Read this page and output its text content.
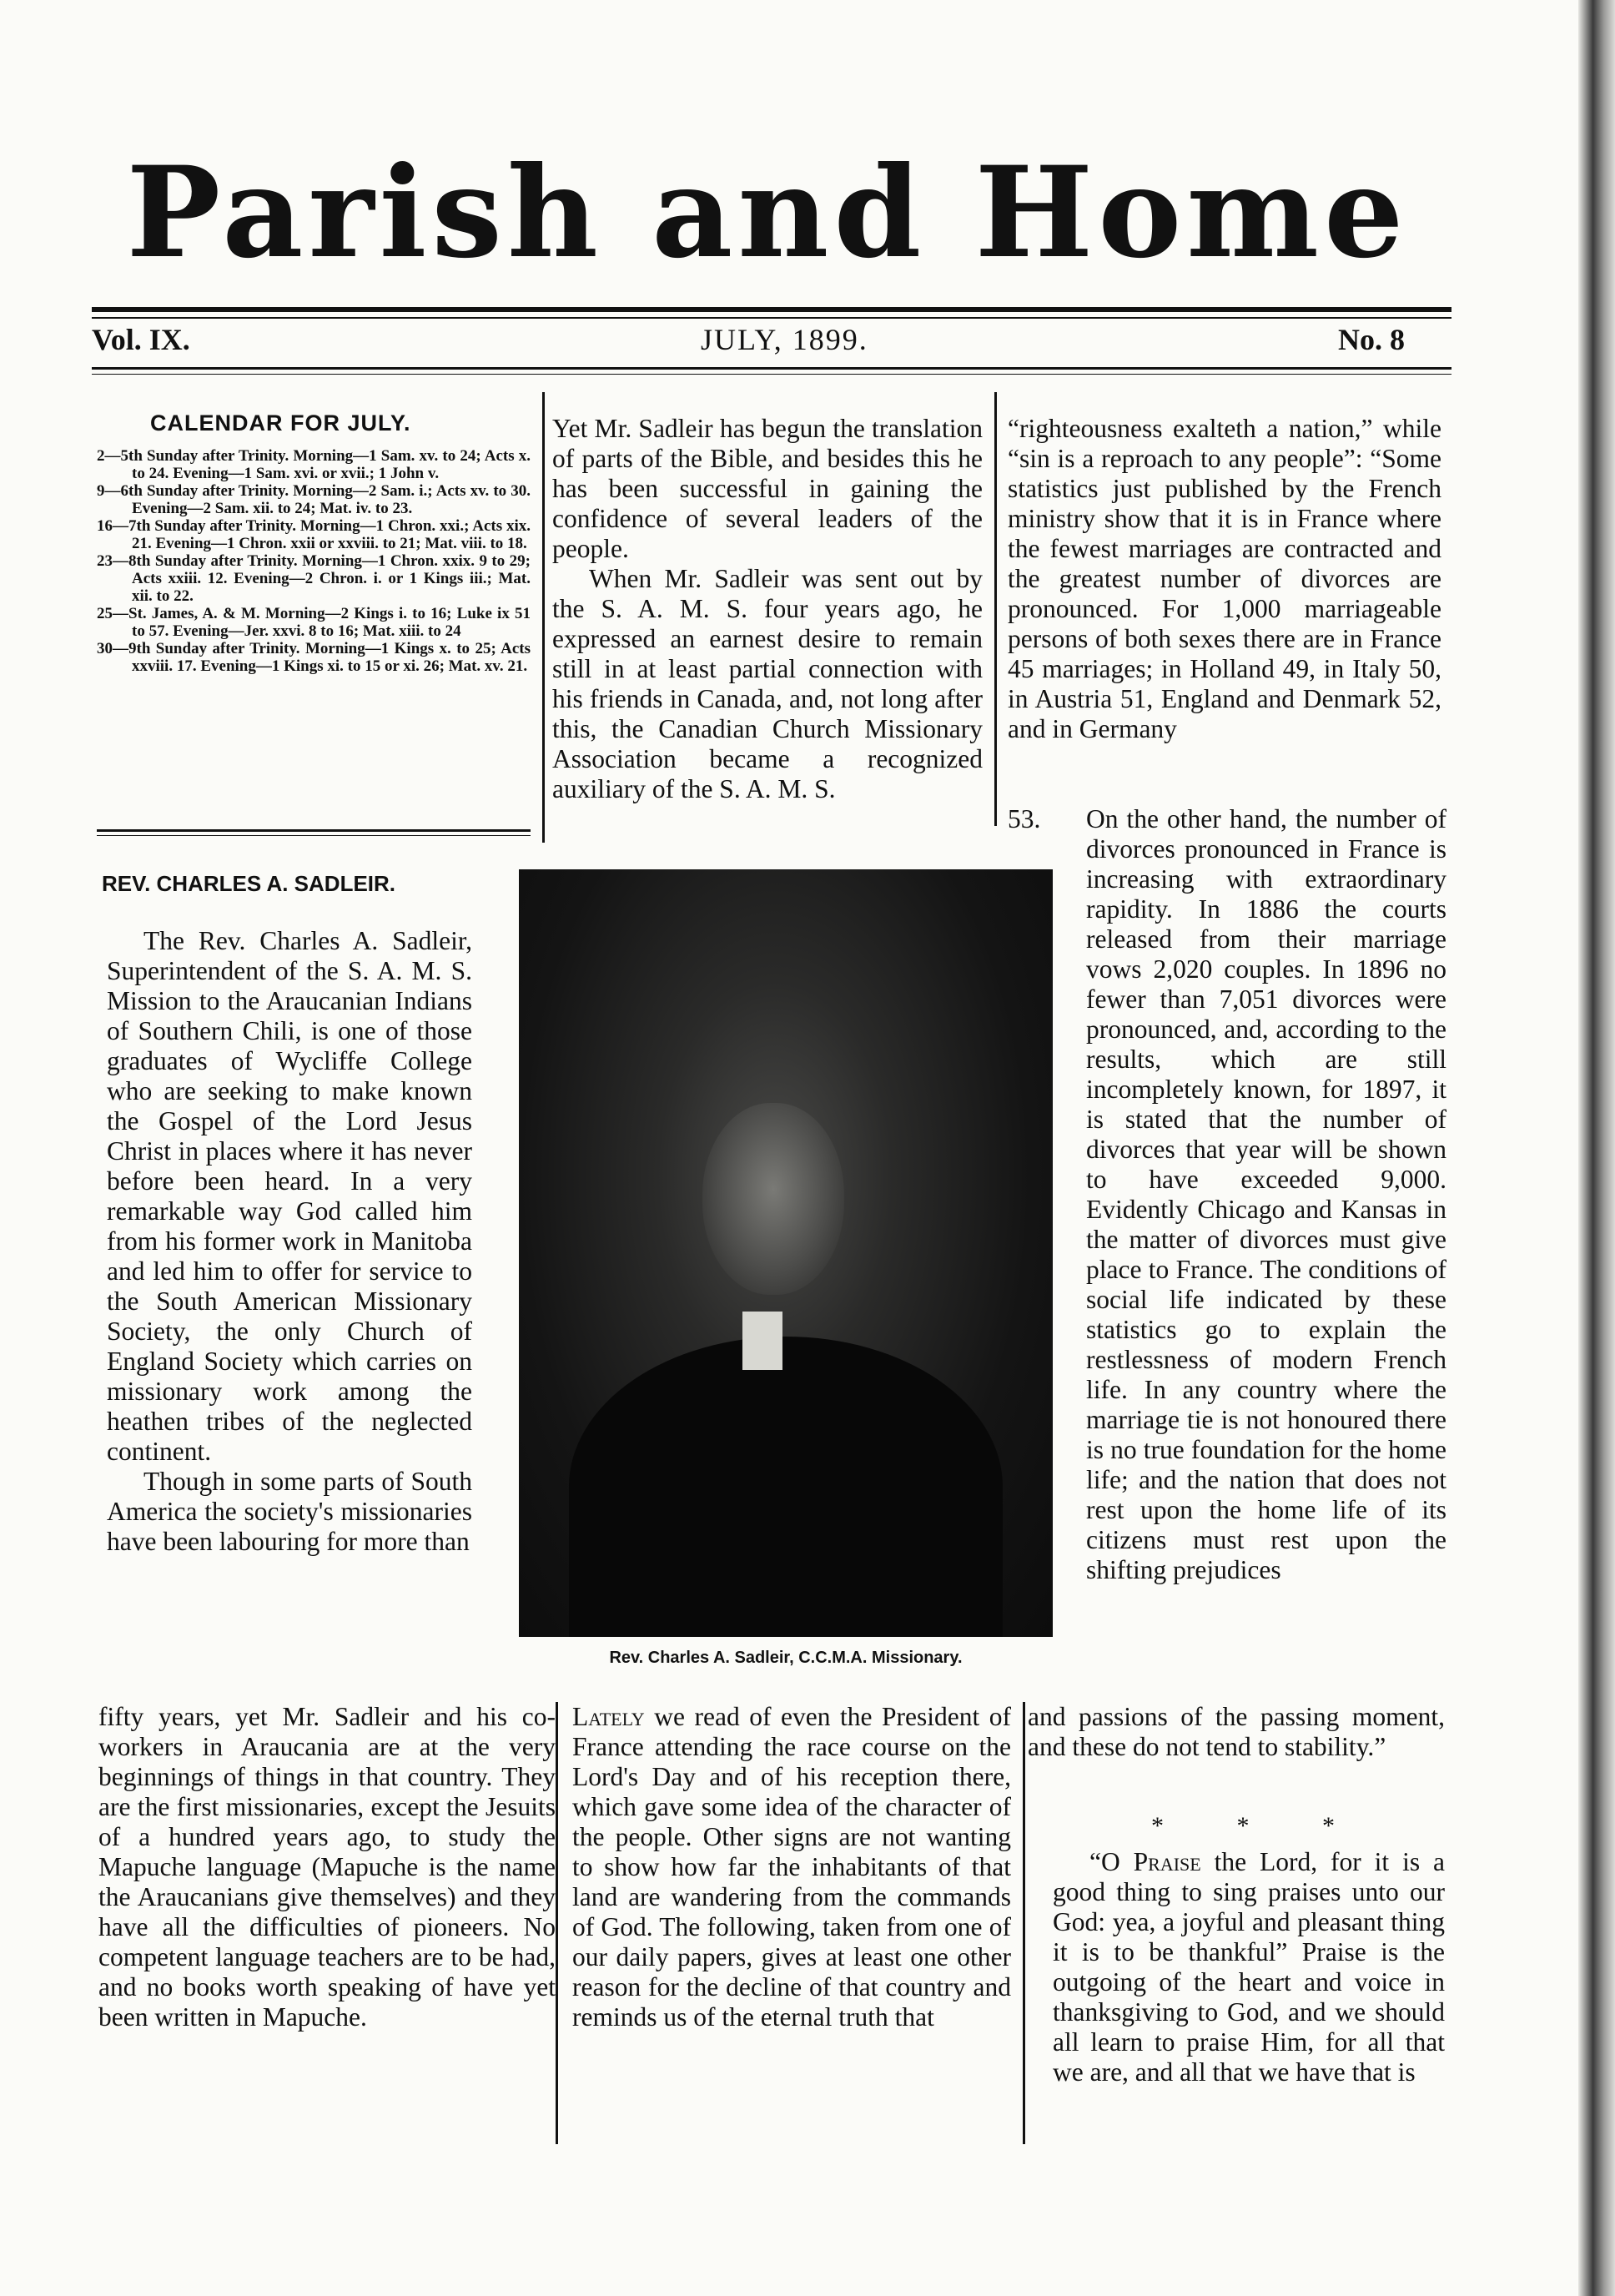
Parish and Home
Vol. IX.	JULY, 1899.	No. 8
CALENDAR FOR JULY.
2—5th Sunday after Trinity. Morning—1 Sam. xv. to 24; Acts x. to 24. Evening—1 Sam. xvi. or xvii.; 1 John v.
9—6th Sunday after Trinity. Morning—2 Sam. i.; Acts xv. to 30. Evening—2 Sam. xii. to 24; Mat. iv. to 23.
16—7th Sunday after Trinity. Morning—1 Chron. xxi.; Acts xix. 21. Evening—1 Chron. xxii or xxviii. to 21; Mat. viii. to 18.
23—8th Sunday after Trinity. Morning—1 Chron. xxix. 9 to 29; Acts xxiii. 12. Evening—2 Chron. i. or 1 Kings iii.; Mat. xii. to 22.
25—St. James, A. & M. Morning—2 Kings i. to 16; Luke ix 51 to 57. Evening—Jer. xxvi. 8 to 16; Mat. xiii. to 24
30—9th Sunday after Trinity. Morning—1 Kings x. to 25; Acts xxviii. 17. Evening—1 Kings xi. to 15 or xi. 26; Mat. xv. 21.
REV. CHARLES A. SADLEIR.

The Rev. Charles A. Sadleir, Superintendent of the S. A. M. S. Mission to the Araucanian Indians of Southern Chili, is one of those graduates of Wycliffe College who are seeking to make known the Gospel of the Lord Jesus Christ in places where it has never before been heard. In a very remarkable way God called him from his former work in Manitoba and led him to offer for service to the South American Missionary Society, the only Church of England Society which carries on missionary work among the heathen tribes of the neglected continent.

Though in some parts of South America the society's missionaries have been labouring for more than

fifty years, yet Mr. Sadleir and his co-workers in Araucania are at the very beginnings of things in that country. They are the first missionaries, except the Jesuits of a hundred years ago, to study the Mapuche language (Mapuche is the name the Araucanians give themselves) and they have all the difficulties of pioneers. No competent language teachers are to be had, and no books worth speaking of have yet been written in Mapuche.

Yet Mr. Sadleir has begun the translation of parts of the Bible, and besides this he has been successful in gaining the confidence of several leaders of the people.

When Mr. Sadleir was sent out by the S. A. M. S. four years ago, he expressed an earnest desire to remain still in at least partial connection with his friends in Canada, and, not long after this, the Canadian Church Missionary Association became a recognized auxiliary of the S. A. M. S.

Rev. Charles A. Sadleir, C.C.M.A. Missionary.

“righteousness exalteth a nation,” while “sin is a reproach to any people”: “Some statistics just published by the French ministry show that it is in France where the fewest marriages are contracted and the greatest number of divorces are pronounced. For 1,000 marriageable persons of both sexes there are in France 45 marriages; in Holland 49, in Italy 50, in Austria 51, England and Denmark 52, and in Germany

53.	On the other hand, the number of divorces pronounced in France is increasing with extraordinary rapidity. In 1886 the courts released from their marriage vows 2,020 couples. In 1896 no fewer than 7,051 divorces were pronounced, and, according to the results, which are still incompletely known, for 1897, it is stated that the number of divorces that year will be shown to have exceeded 9,000. Evidently Chicago and Kansas in the matter of divorces must give place to France. The conditions of social life indicated by these statistics go to explain the restlessness of modern French life. In any country where the marriage tie is not honoured there is no true foundation for the home life; and the nation that does not rest upon the home life of its citizens must rest upon the shifting prejudices

Lately we read of even the President of France attending the race course on the Lord's Day and of his reception there, which gave some idea of the character of the people. Other signs are not wanting to show how far the inhabitants of that land are wandering from the commands of God. The following, taken from one of our daily papers, gives at least one other reason for the decline of that country and reminds us of the eternal truth that

and passions of the passing moment, and these do not tend to stability.”

* * *

“O Praise the Lord, for it is a good thing to sing praises unto our God: yea, a joyful and pleasant thing it is to be thankful” Praise is the outgoing of the heart and voice in thanksgiving to God, and we should all learn to praise Him, for all that we are, and all that we have that is
